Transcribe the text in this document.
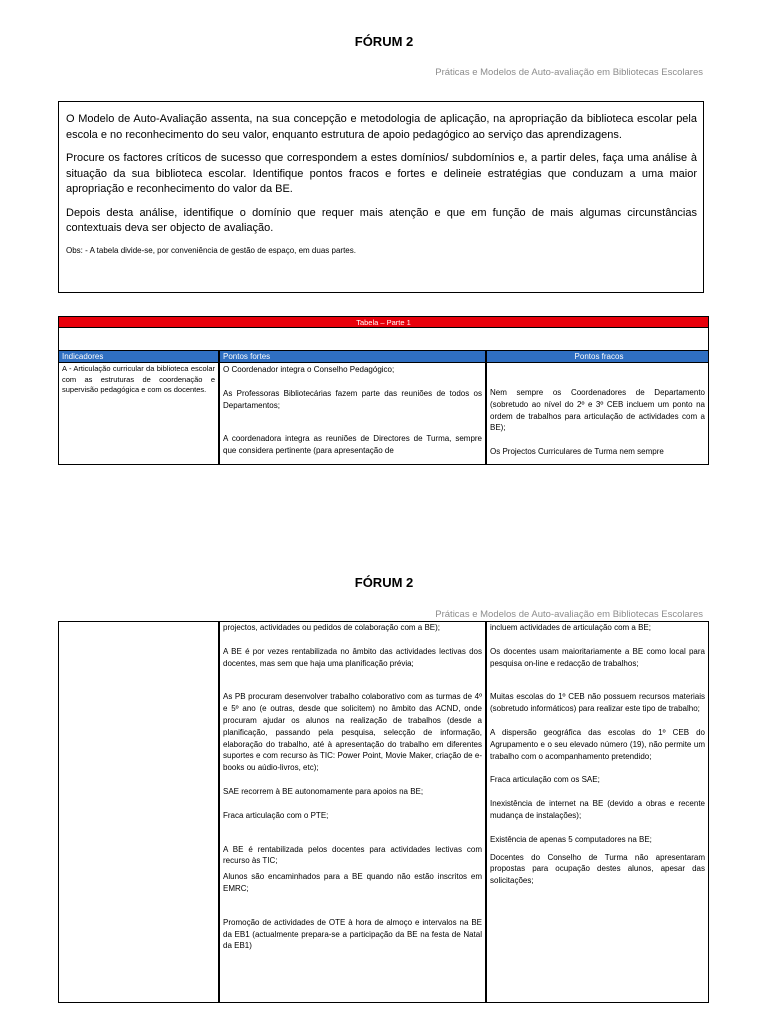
FÓRUM 2
Práticas e Modelos de Auto-avaliação em Bibliotecas Escolares

O Modelo de Auto-Avaliação assenta, na sua concepção e metodologia de aplicação, na apropriação da biblioteca escolar pela escola e no reconhecimento do seu valor, enquanto estrutura de apoio pedagógico ao serviço das aprendizagens.

Procure os factores críticos de sucesso que correspondem a estes domínios/ subdomínios e, a partir deles, faça uma análise à situação da sua biblioteca escolar. Identifique pontos fracos e fortes e delineie estratégias que conduzam a uma maior apropriação e reconhecimento do valor da BE.

Depois desta análise, identifique o domínio que requer mais atenção e que em função de mais algumas circunstâncias contextuais deva ser objecto de avaliação.

Obs: - A tabela divide-se, por conveniência de gestão de espaço, em duas partes.

Tabela – Parte 1
Indicadores	Pontos fortes	Pontos fracos

A - Articulação curricular da biblioteca escolar com as estruturas de coordenação e supervisão pedagógica e com os docentes.

O Coordenador integra o Conselho Pedagógico;

As Professoras Bibliotecárias fazem parte das reuniões de todos os Departamentos;

A coordenadora integra as reuniões de Directores de Turma, sempre que considera pertinente (para apresentação de

Nem sempre os Coordenadores de Departamento (sobretudo ao nível do 2º e 3º CEB incluem um ponto na ordem de trabalhos para articulação de actividades com a BE);

Os Projectos Curriculares de Turma nem sempre

FÓRUM 2
Práticas e Modelos de Auto-avaliação em Bibliotecas Escolares

projectos, actividades ou pedidos de colaboração com a BE);

A BE é por vezes rentabilizada no âmbito das actividades lectivas dos docentes, mas sem que haja uma planificação prévia;

As PB procuram desenvolver trabalho colaborativo com as turmas de 4º e 5º ano (e outras, desde que solicitem) no âmbito das ACND, onde procuram ajudar os alunos na realização de trabalhos (desde a planificação, passando pela pesquisa, selecção de informação, elaboração do trabalho, até à apresentação do trabalho em diferentes suportes e com recurso às TIC: Power Point, Movie Maker, criação de e-books ou aúdio-livros, etc);

SAE recorrem à BE autonomamente para apoios na BE;

Fraca articulação com o PTE;

A BE é rentabilizada pelos docentes para actividades lectivas com recurso às TIC;

Alunos são encaminhados para a BE quando não estão inscritos em EMRC;

Promoção de actividades de OTE à hora de almoço e intervalos na BE da EB1 (actualmente prepara-se a participação da BE na festa de Natal da EB1)

incluem actividades de articulação com a BE;

Os docentes usam maioritariamente a BE como local para pesquisa on-line e redacção de trabalhos;

Muitas escolas do 1º CEB não possuem recursos materiais (sobretudo informáticos) para realizar este tipo de trabalho;

A dispersão geográfica das escolas do 1º CEB do Agrupamento e o seu elevado número (19), não permite um trabalho com o acompanhamento pretendido;

Fraca articulação com os SAE;

Inexistência de internet na BE (devido a obras e recente mudança de instalações);

Existência de apenas 5 computadores na BE;

Docentes do Conselho de Turma não apresentaram propostas para ocupação destes alunos, apesar das solicitações;
